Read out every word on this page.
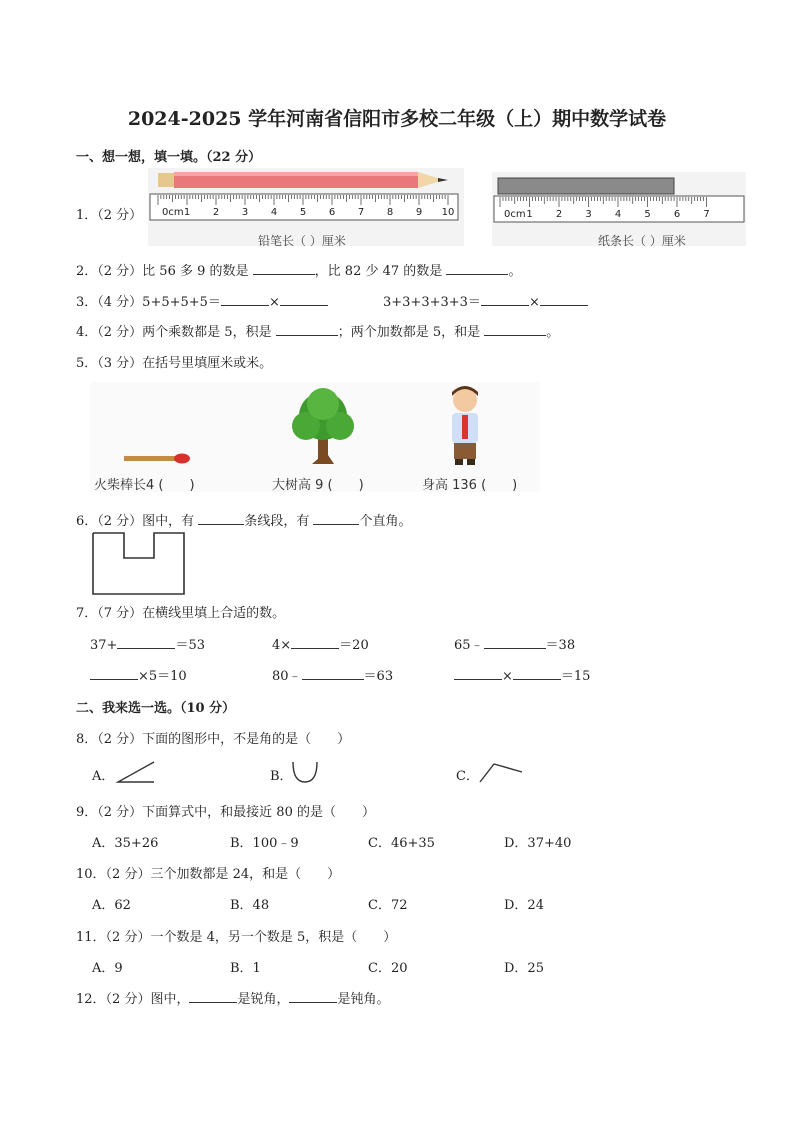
2024-2025 学年河南省信阳市多校二年级（上）期中数学试卷
一、想一想，填一填。（22 分）
1．（2 分） 0cm 1 2 3 4 5 6 7 8 9 10
铅笔长（ ）厘米
0cm 1 2 3 4 5 6 7
纸条长（ ）厘米
2．（2 分）比 56 多 9 的数是	，比 82 少 47 的数是	。
3．（4 分）5+5+5+5＝	×	3+3+3+3+3＝	×
4．（2 分）两个乘数都是 5，积是	；两个加数都是 5，和是	。
5．（3 分）在括号里填厘米或米。
火柴棒长4 (　　)	大树高 9 (　　)	身高 136 (　　)
6．（2 分）图中，有	条线段，有	个直角。
7．（7 分）在横线里填上合适的数。
37+	＝53	4×	＝20	65﹣	＝38
×5＝10	80﹣	＝63	×	＝15
二、我来选一选。（10 分）
8．（2 分）下面的图形中，不是角的是（　　）
A．	B．	C．
9．（2 分）下面算式中，和最接近 80 的是（　　）
A．35+26	B．100﹣9	C．46+35	D．37+40
10．（2 分）三个加数都是 24，和是（　　）
A．62	B．48	C．72	D．24
11．（2 分）一个数是 4，另一个数是 5，积是（　　）
A．9	B．1	C．20	D．25
12．（2 分）图中，	是锐角，	是钝角。
